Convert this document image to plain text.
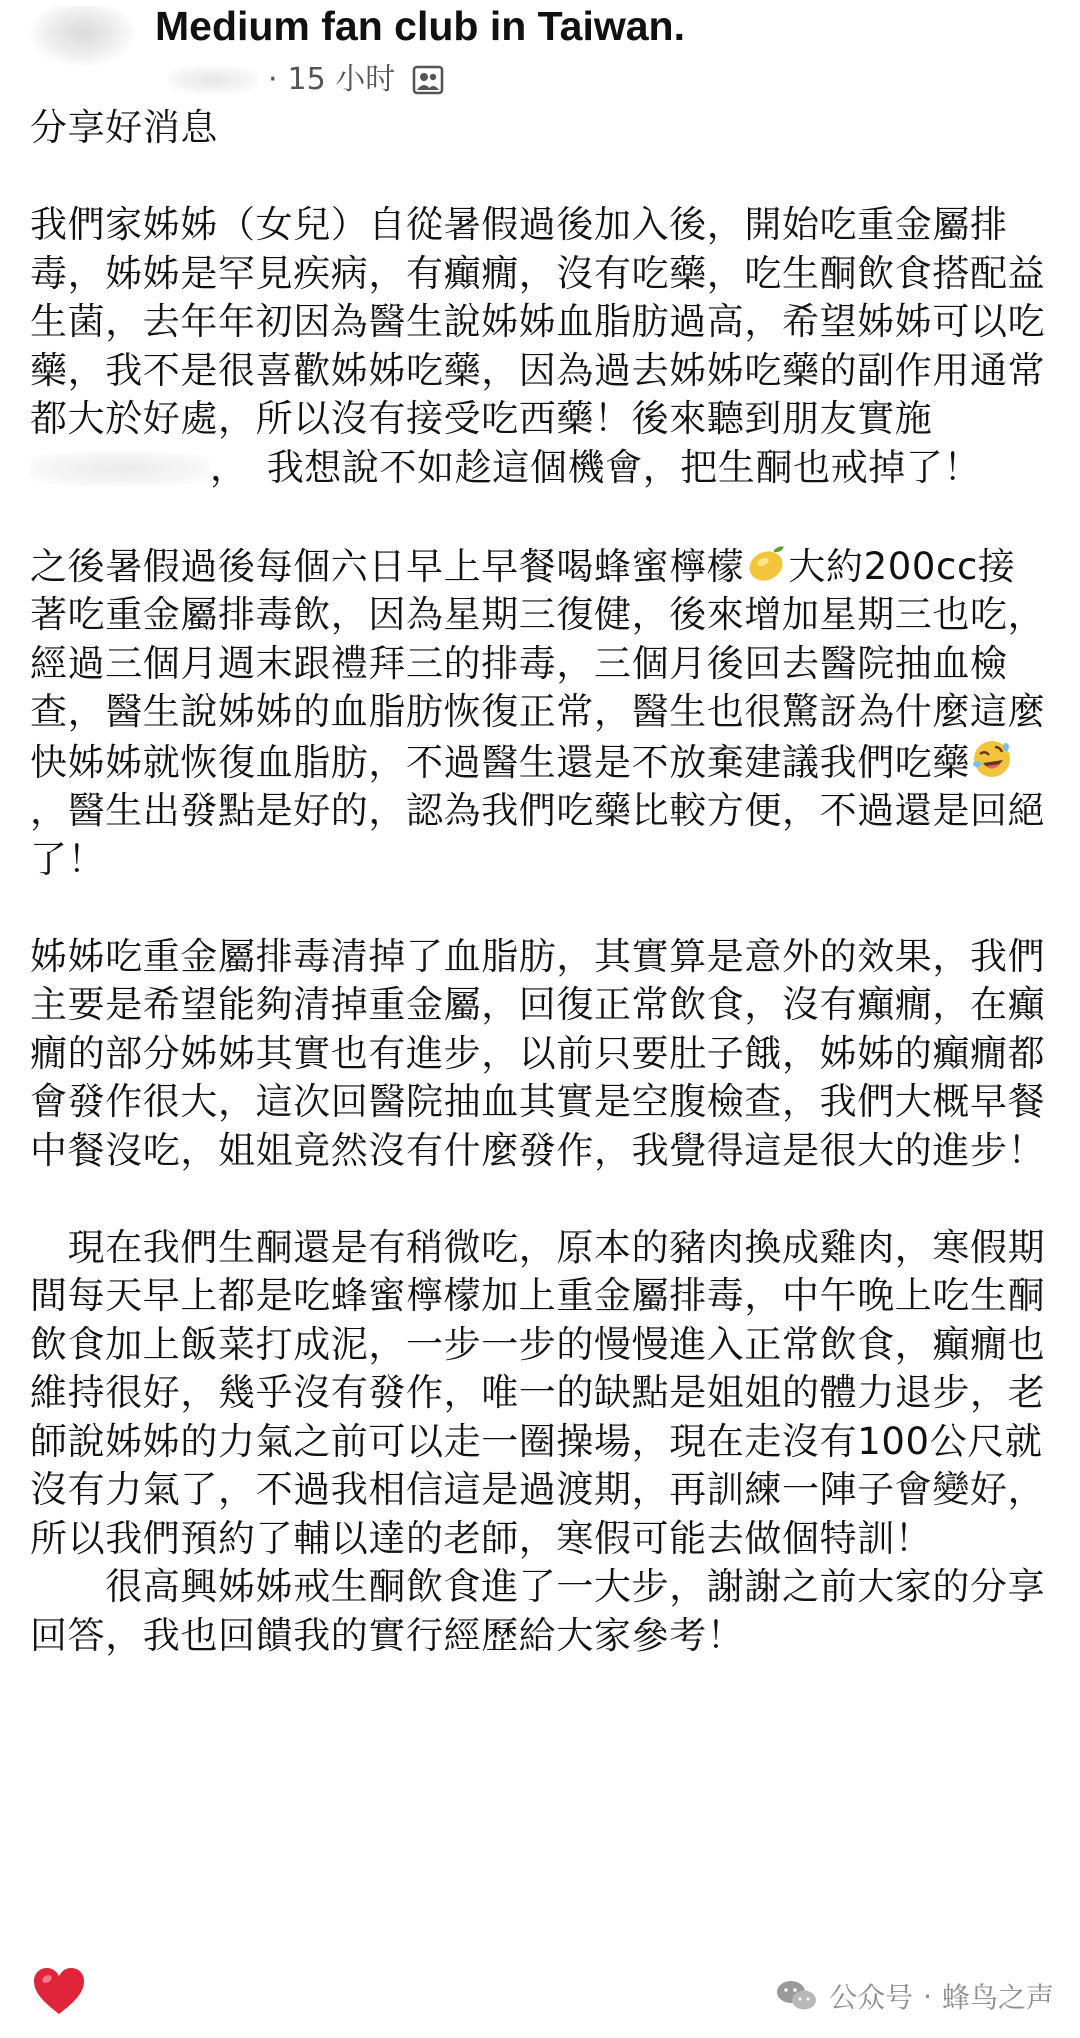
Medium fan club in Taiwan.
· 15 小时

分享好消息

我們家姊姊（女兒）自從暑假過後加入後，開始吃重金屬排毒，姊姊是罕見疾病，有癲癇，沒有吃藥，吃生酮飲食搭配益生菌，去年年初因為醫生說姊姊血脂肪過高，希望姊姊可以吃藥，我不是很喜歡姊姊吃藥，因為過去姊姊吃藥的副作用通常都大於好處，所以沒有接受吃西藥！後來聽到朋友實施，　我想說不如趁這個機會，把生酮也戒掉了！

之後暑假過後每個六日早上早餐喝蜂蜜檸檬 大約200cc接著吃重金屬排毒飲，因為星期三復健，後來增加星期三也吃，經過三個月週末跟禮拜三的排毒，三個月後回去醫院抽血檢查，醫生說姊姊的血脂肪恢復正常，醫生也很驚訝為什麼這麼快姊姊就恢復血脂肪，不過醫生還是不放棄建議我們吃藥，醫生出發點是好的，認為我們吃藥比較方便，不過還是回絕了！

姊姊吃重金屬排毒清掉了血脂肪，其實算是意外的效果，我們主要是希望能夠清掉重金屬，回復正常飲食，沒有癲癇，在癲癇的部分姊姊其實也有進步，以前只要肚子餓，姊姊的癲癇都會發作很大，這次回醫院抽血其實是空腹檢查，我們大概早餐中餐沒吃，姐姐竟然沒有什麼發作，我覺得這是很大的進步！

　現在我們生酮還是有稍微吃，原本的豬肉換成雞肉，寒假期間每天早上都是吃蜂蜜檸檬加上重金屬排毒，中午晚上吃生酮飲食加上飯菜打成泥，一步一步的慢慢進入正常飲食，癲癇也維持很好，幾乎沒有發作，唯一的缺點是姐姐的體力退步，老師說姊姊的力氣之前可以走一圈操場，現在走沒有100公尺就沒有力氣了，不過我相信這是過渡期，再訓練一陣子會變好，所以我們預約了輔以達的老師，寒假可能去做個特訓！

　　很高興姊姊戒生酮飲食進了一大步，謝謝之前大家的分享回答，我也回饋我的實行經歷給大家參考！

公众号 · 蜂鸟之声
